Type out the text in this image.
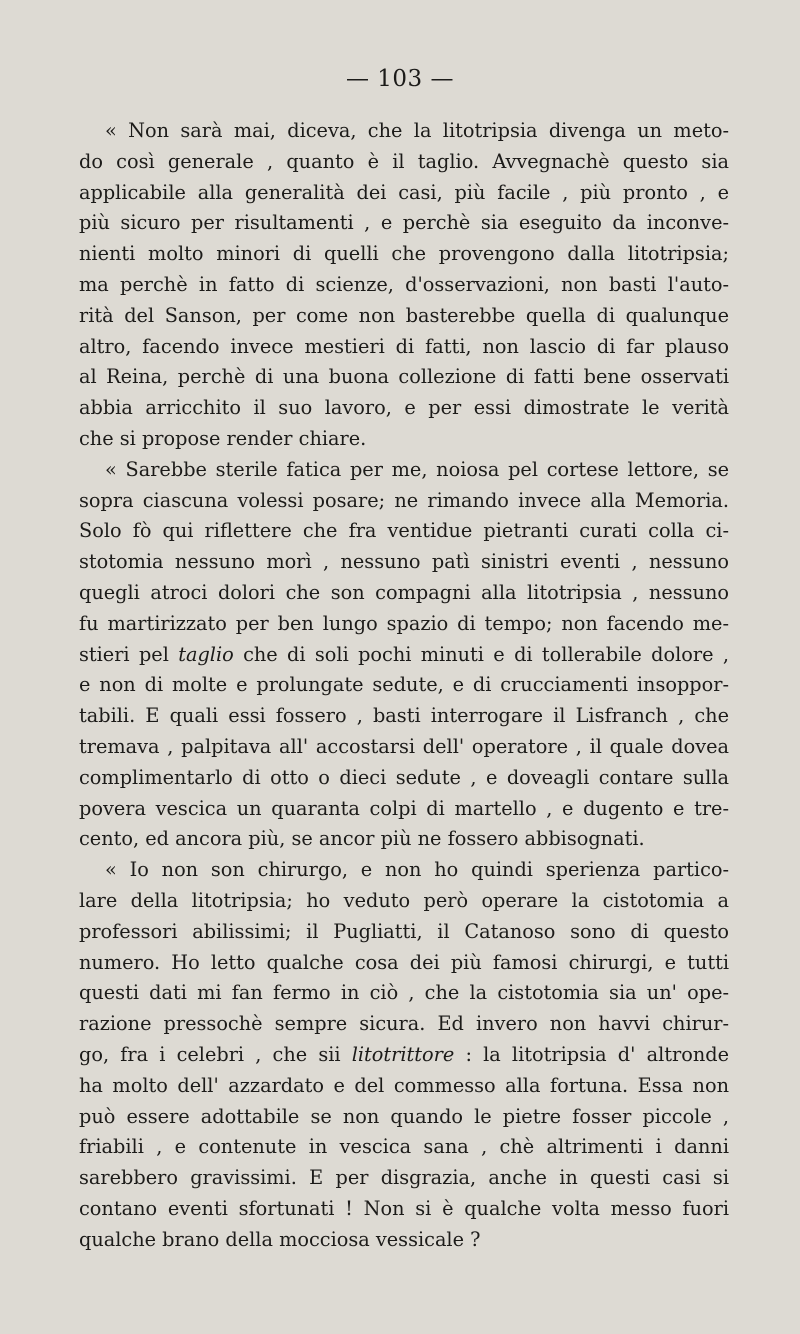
— 103 —
« Non sarà mai, diceva, che la litotripsia divenga un meto-
do così generale , quanto è il taglio. Avvegnachè questo sia
applicabile alla generalità dei casi, più facile , più pronto , e
più sicuro per risultamenti , e perchè sia eseguito da inconve-
nienti molto minori di quelli che provengono dalla litotripsia;
ma perchè in fatto di scienze, d'osservazioni, non basti l'auto-
rità del Sanson, per come non basterebbe quella di qualunque
altro, facendo invece mestieri di fatti, non lascio di far plauso
al Reina, perchè di una buona collezione di fatti bene osservati
abbia arricchito il suo lavoro, e per essi dimostrate le verità
che si propose render chiare.
« Sarebbe sterile fatica per me, noiosa pel cortese lettore, se
sopra ciascuna volessi posare; ne rimando invece alla Memoria.
Solo fò qui riflettere che fra ventidue pietranti curati colla ci-
stotomia nessuno morì , nessuno patì sinistri eventi , nessuno
quegli atroci dolori che son compagni alla litotripsia , nessuno
fu martirizzato per ben lungo spazio di tempo; non facendo me-
stieri pel taglio che di soli pochi minuti e di tollerabile dolore ,
e non di molte e prolungate sedute, e di crucciamenti insoppor-
tabili. E quali essi fossero , basti interrogare il Lisfranch , che
tremava , palpitava all' accostarsi dell' operatore , il quale dovea
complimentarlo di otto o dieci sedute , e doveagli contare sulla
povera vescica un quaranta colpi di martello , e dugento e tre-
cento, ed ancora più, se ancor più ne fossero abbisognati.
« Io non son chirurgo, e non ho quindi sperienza partico-
lare della litotripsia; ho veduto però operare la cistotomia a
professori abilissimi; il Pugliatti, il Catanoso sono di questo
numero. Ho letto qualche cosa dei più famosi chirurgi, e tutti
questi dati mi fan fermo in ciò , che la cistotomia sia un' ope-
razione pressochè sempre sicura. Ed invero non havvi chirur-
go, fra i celebri , che sii litotrittore : la litotripsia d' altronde
ha molto dell' azzardato e del commesso alla fortuna. Essa non
può essere adottabile se non quando le pietre fosser piccole ,
friabili , e contenute in vescica sana , chè altrimenti i danni
sarebbero gravissimi. E per disgrazia, anche in questi casi si
contano eventi sfortunati ! Non si è qualche volta messo fuori
qualche brano della mocciosa vessicale ?
